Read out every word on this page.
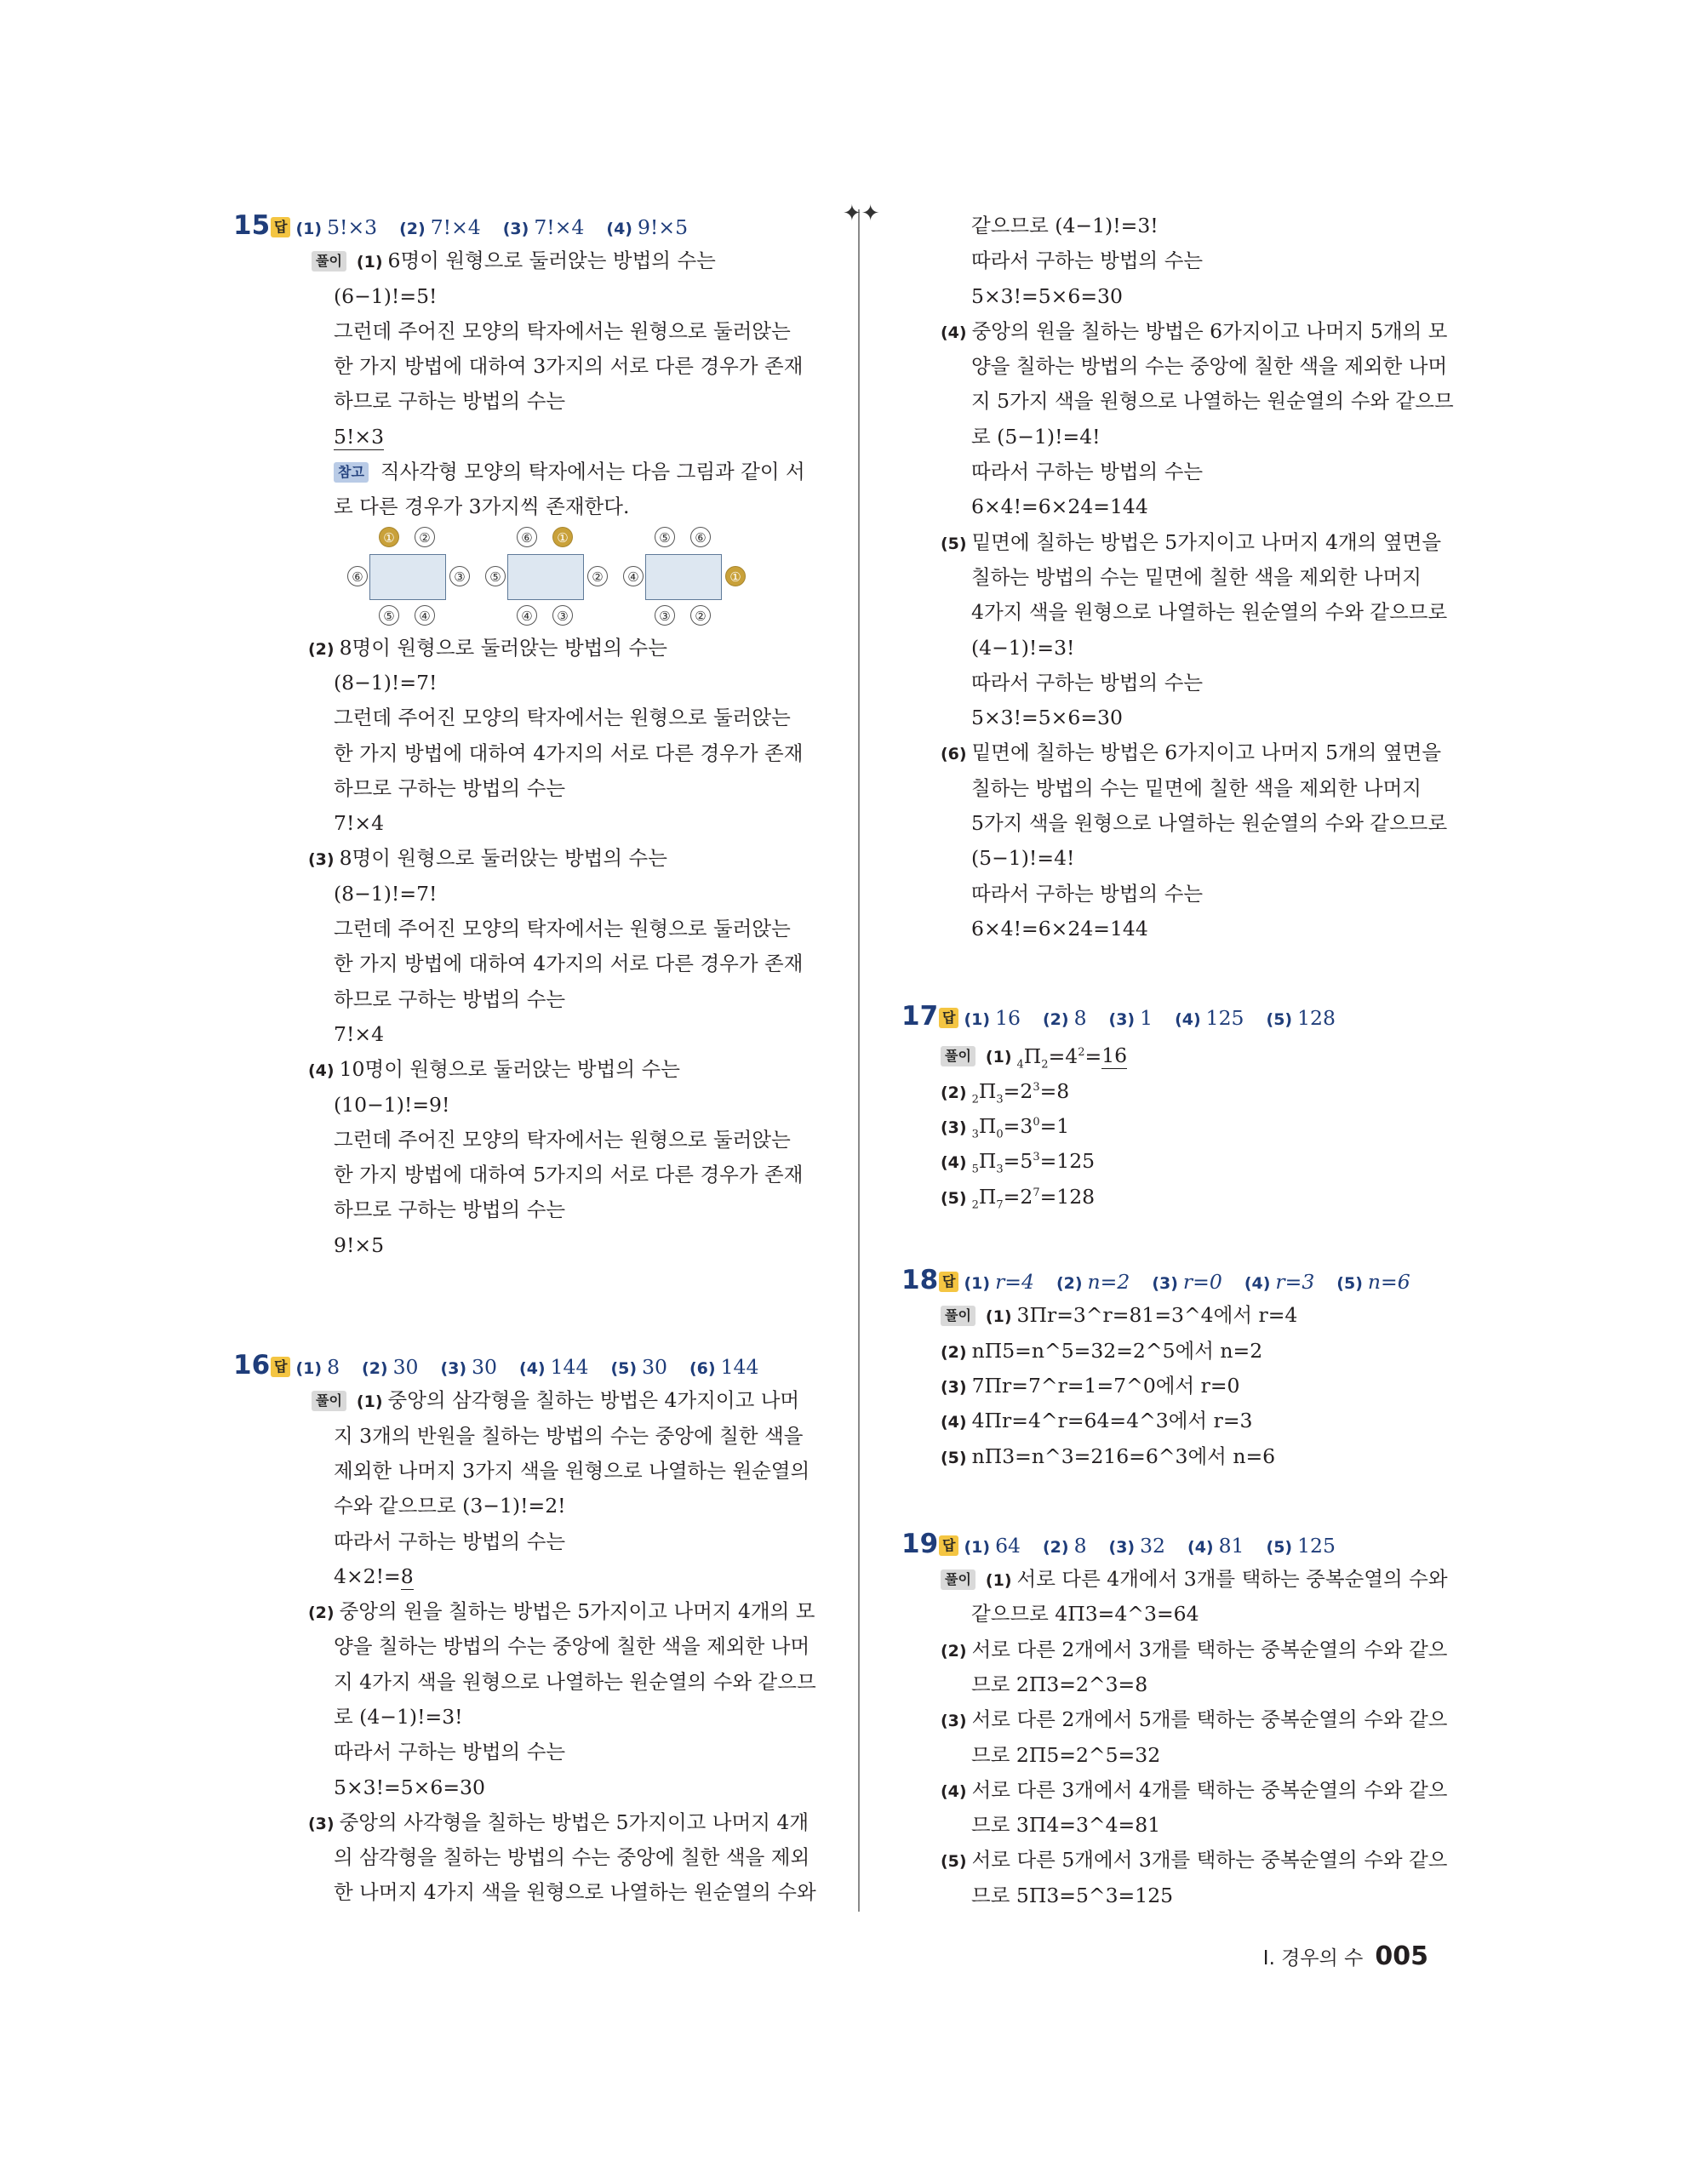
✦✦
15 답 (1) 5!×3 (2) 7!×4 (3) 7!×4 (4) 9!×5
풀이 (1) 6명이 원형으로 둘러앉는 방법의 수는
(6−1)!=5!
그런데 주어진 모양의 탁자에서는 원형으로 둘러앉는
한 가지 방법에 대하여 3가지의 서로 다른 경우가 존재
하므로 구하는 방법의 수는
5!×3
참고 직사각형 모양의 탁자에서는 다음 그림과 같이 서
로 다른 경우가 3가지씩 존재한다.
①	②
⑥	③
⑤	④
⑥	①
⑤	②
④	③
⑤	⑥
④	①
③	②
(2) 8명이 원형으로 둘러앉는 방법의 수는
(8−1)!=7!
그런데 주어진 모양의 탁자에서는 원형으로 둘러앉는
한 가지 방법에 대하여 4가지의 서로 다른 경우가 존재
하므로 구하는 방법의 수는
7!×4
(3) 8명이 원형으로 둘러앉는 방법의 수는
(8−1)!=7!
그런데 주어진 모양의 탁자에서는 원형으로 둘러앉는
한 가지 방법에 대하여 4가지의 서로 다른 경우가 존재
하므로 구하는 방법의 수는
7!×4
(4) 10명이 원형으로 둘러앉는 방법의 수는
(10−1)!=9!
그런데 주어진 모양의 탁자에서는 원형으로 둘러앉는
한 가지 방법에 대하여 5가지의 서로 다른 경우가 존재
하므로 구하는 방법의 수는
9!×5
16 답 (1) 8 (2) 30 (3) 30 (4) 144 (5) 30 (6) 144
풀이 (1) 중앙의 삼각형을 칠하는 방법은 4가지이고 나머
지 3개의 반원을 칠하는 방법의 수는 중앙에 칠한 색을
제외한 나머지 3가지 색을 원형으로 나열하는 원순열의
수와 같으므로 (3−1)!=2!
따라서 구하는 방법의 수는
4×2!=8
(2) 중앙의 원을 칠하는 방법은 5가지이고 나머지 4개의 모
양을 칠하는 방법의 수는 중앙에 칠한 색을 제외한 나머
지 4가지 색을 원형으로 나열하는 원순열의 수와 같으므
로 (4−1)!=3!
따라서 구하는 방법의 수는
5×3!=5×6=30
(3) 중앙의 사각형을 칠하는 방법은 5가지이고 나머지 4개
의 삼각형을 칠하는 방법의 수는 중앙에 칠한 색을 제외
한 나머지 4가지 색을 원형으로 나열하는 원순열의 수와
같으므로 (4−1)!=3!
따라서 구하는 방법의 수는
5×3!=5×6=30
(4) 중앙의 원을 칠하는 방법은 6가지이고 나머지 5개의 모
양을 칠하는 방법의 수는 중앙에 칠한 색을 제외한 나머
지 5가지 색을 원형으로 나열하는 원순열의 수와 같으므
로 (5−1)!=4!
따라서 구하는 방법의 수는
6×4!=6×24=144
(5) 밑면에 칠하는 방법은 5가지이고 나머지 4개의 옆면을
칠하는 방법의 수는 밑면에 칠한 색을 제외한 나머지
4가지 색을 원형으로 나열하는 원순열의 수와 같으므로
(4−1)!=3!
따라서 구하는 방법의 수는
5×3!=5×6=30
(6) 밑면에 칠하는 방법은 6가지이고 나머지 5개의 옆면을
칠하는 방법의 수는 밑면에 칠한 색을 제외한 나머지
5가지 색을 원형으로 나열하는 원순열의 수와 같으므로
(5−1)!=4!
따라서 구하는 방법의 수는
6×4!=6×24=144
17 답 (1) 16 (2) 8 (3) 1 (4) 125 (5) 128
풀이 (1) $_4\Pi_2=4^2=16$
(2) $_2\Pi_3=2^3=8$
(3) $_3\Pi_0=3^0=1$
(4) $_5\Pi_3=5^3=125$
(5) $_2\Pi_7=2^7=128$
18 답 (1) r=4 (2) n=2 (3) r=0 (4) r=3 (5) n=6
풀이 (1) 3Πr=3^r=81=3^4에서 r=4
(2) nΠ5=n^5=32=2^5에서 n=2
(3) 7Πr=7^r=1=7^0에서 r=0
(4) 4Πr=4^r=64=4^3에서 r=3
(5) nΠ3=n^3=216=6^3에서 n=6
19 답 (1) 64 (2) 8 (3) 32 (4) 81 (5) 125
풀이 (1) 서로 다른 4개에서 3개를 택하는 중복순열의 수와
같으므로 4Π3=4^3=64
(2) 서로 다른 2개에서 3개를 택하는 중복순열의 수와 같으
므로 2Π3=2^3=8
(3) 서로 다른 2개에서 5개를 택하는 중복순열의 수와 같으
므로 2Π5=2^5=32
(4) 서로 다른 3개에서 4개를 택하는 중복순열의 수와 같으
므로 3Π4=3^4=81
(5) 서로 다른 5개에서 3개를 택하는 중복순열의 수와 같으
므로 5Π3=5^3=125
Ⅰ. 경우의 수 005
